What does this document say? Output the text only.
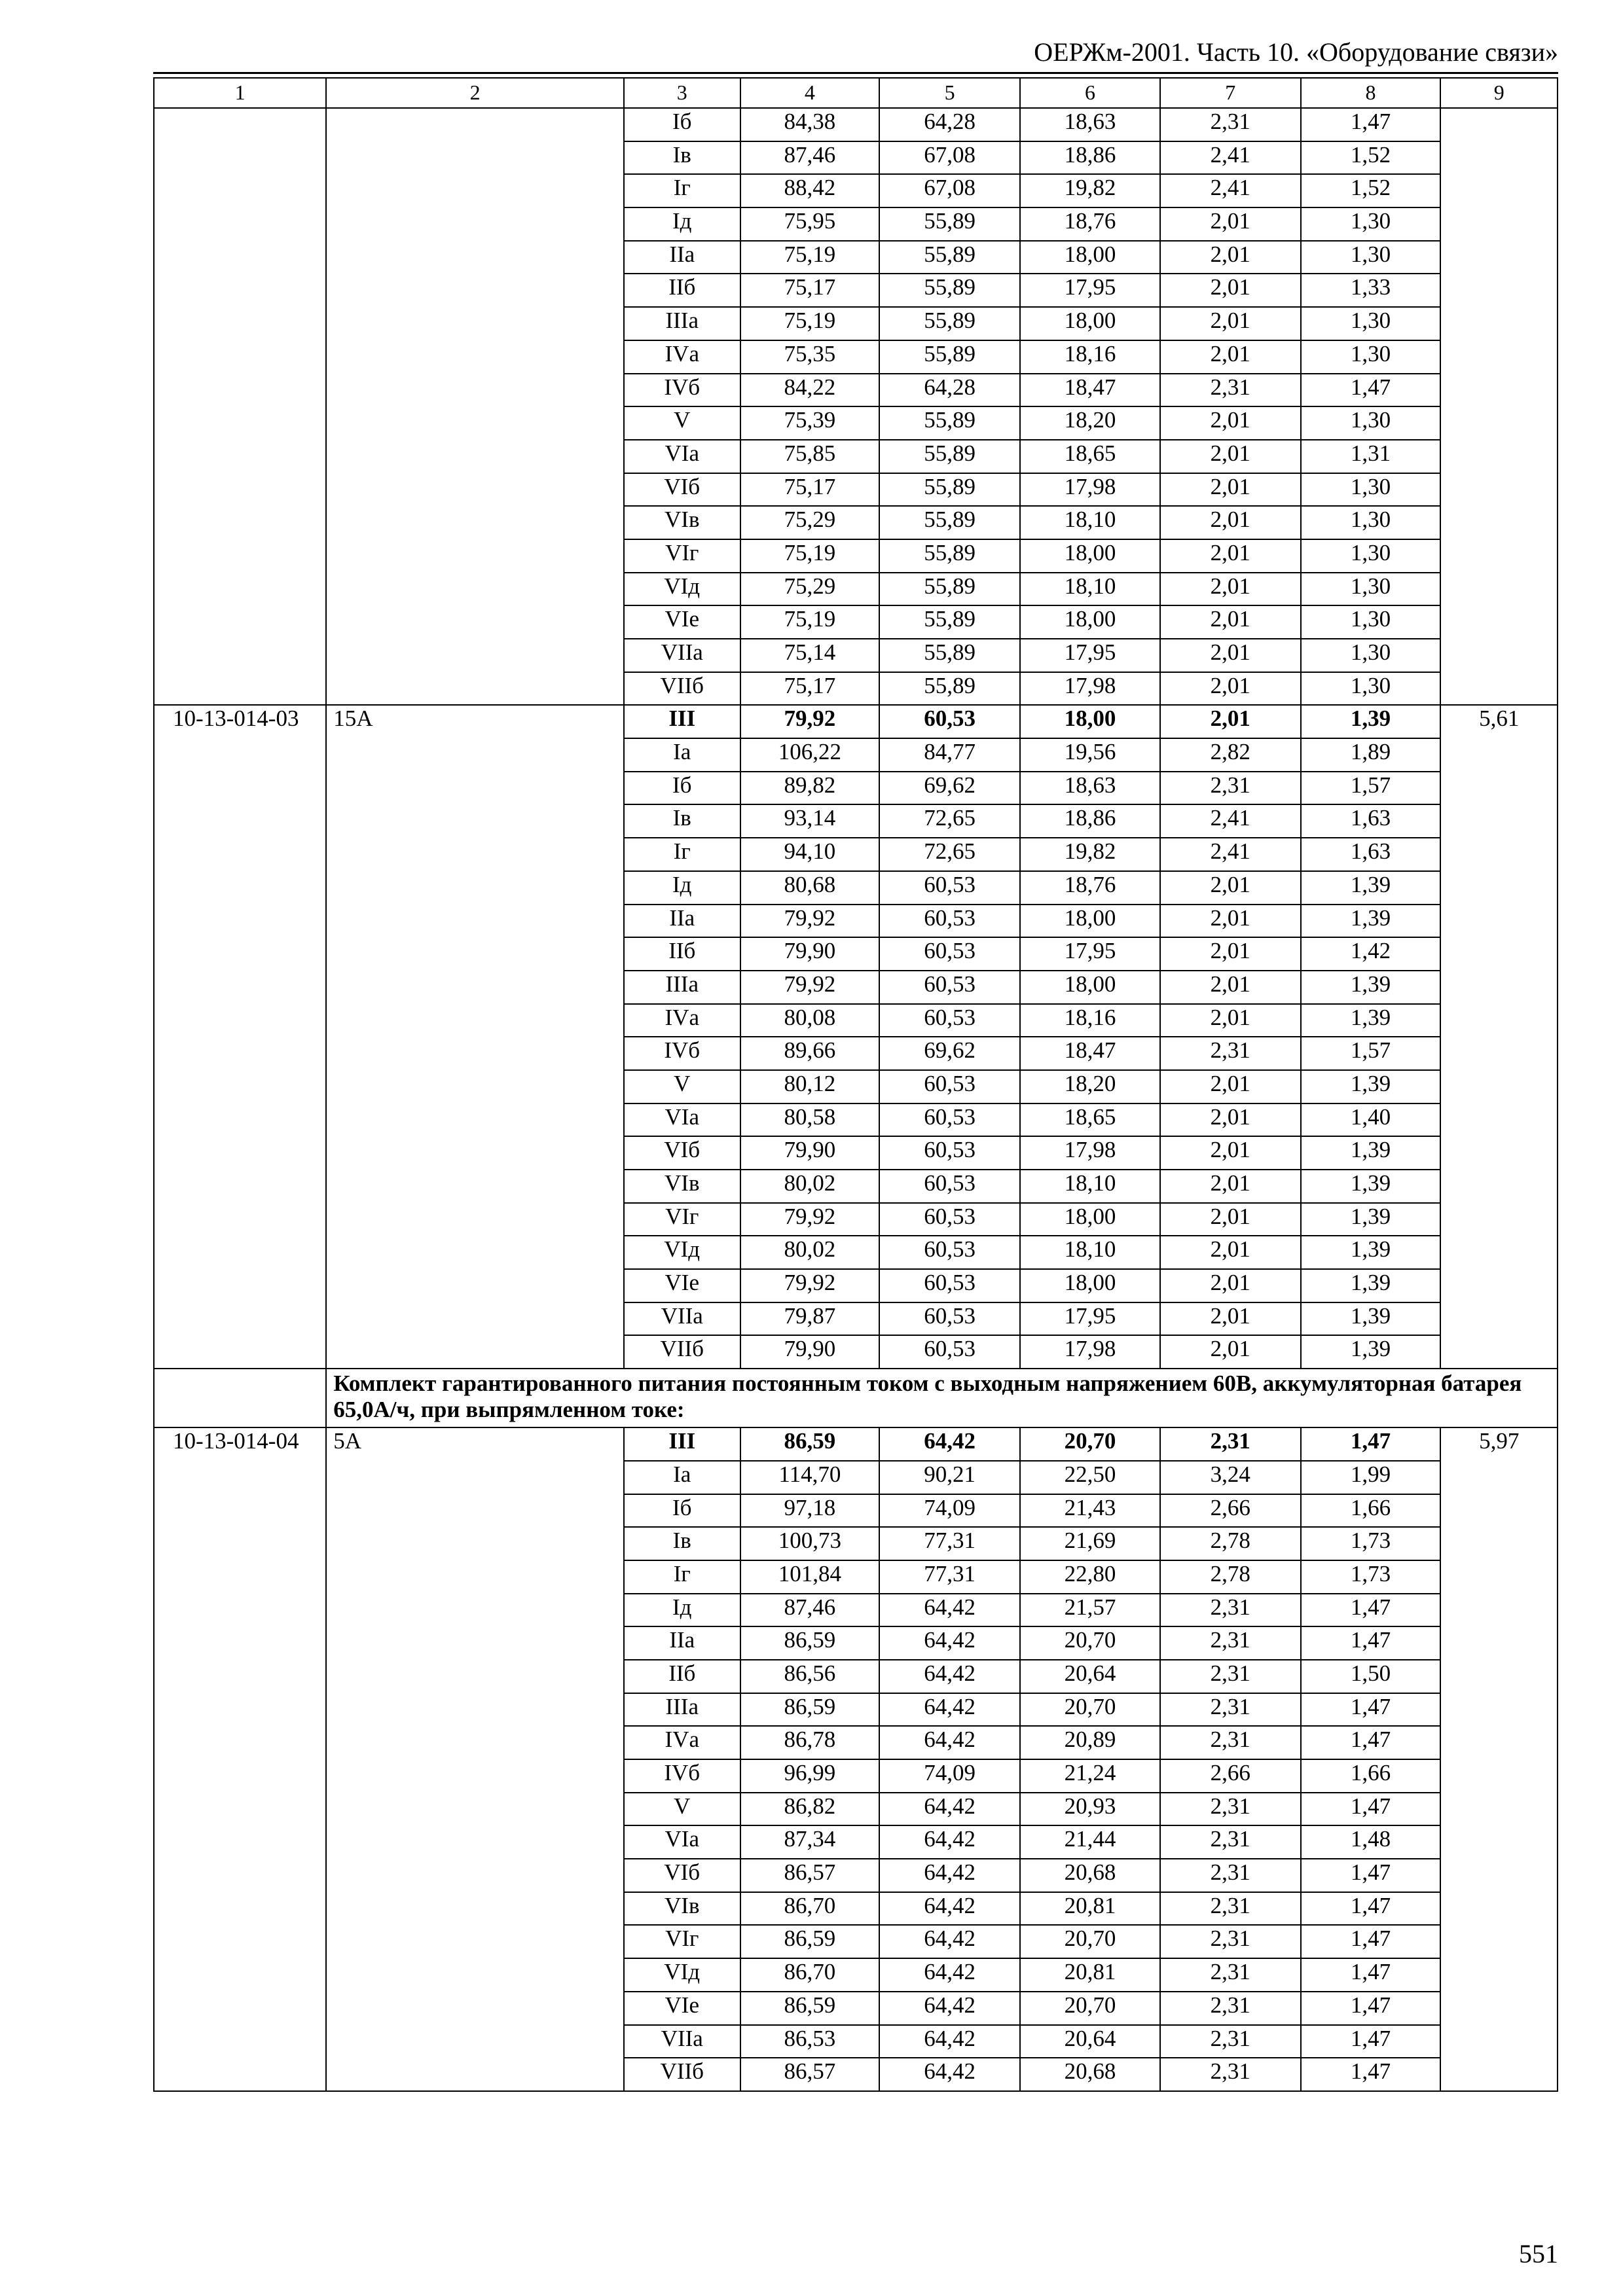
ОЕРЖм-2001. Часть 10. «Оборудование связи»
1	2	3	4	5	6	7	8	9
		Iб	84,38	64,28	18,63	2,31	1,47	
		Iв	87,46	67,08	18,86	2,41	1,52	
		Iг	88,42	67,08	19,82	2,41	1,52	
		Iд	75,95	55,89	18,76	2,01	1,30	
		IIа	75,19	55,89	18,00	2,01	1,30	
		IIб	75,17	55,89	17,95	2,01	1,33	
		IIIа	75,19	55,89	18,00	2,01	1,30	
		IVа	75,35	55,89	18,16	2,01	1,30	
		IVб	84,22	64,28	18,47	2,31	1,47	
		V	75,39	55,89	18,20	2,01	1,30	
		VIа	75,85	55,89	18,65	2,01	1,31	
		VIб	75,17	55,89	17,98	2,01	1,30	
		VIв	75,29	55,89	18,10	2,01	1,30	
		VIг	75,19	55,89	18,00	2,01	1,30	
		VIд	75,29	55,89	18,10	2,01	1,30	
		VIе	75,19	55,89	18,00	2,01	1,30	
		VIIа	75,14	55,89	17,95	2,01	1,30	
		VIIб	75,17	55,89	17,98	2,01	1,30	
10-13-014-03	15А	III	79,92	60,53	18,00	2,01	1,39	5,61
		Iа	106,22	84,77	19,56	2,82	1,89	
		Iб	89,82	69,62	18,63	2,31	1,57	
		Iв	93,14	72,65	18,86	2,41	1,63	
		Iг	94,10	72,65	19,82	2,41	1,63	
		Iд	80,68	60,53	18,76	2,01	1,39	
		IIа	79,92	60,53	18,00	2,01	1,39	
		IIб	79,90	60,53	17,95	2,01	1,42	
		IIIа	79,92	60,53	18,00	2,01	1,39	
		IVа	80,08	60,53	18,16	2,01	1,39	
		IVб	89,66	69,62	18,47	2,31	1,57	
		V	80,12	60,53	18,20	2,01	1,39	
		VIа	80,58	60,53	18,65	2,01	1,40	
		VIб	79,90	60,53	17,98	2,01	1,39	
		VIв	80,02	60,53	18,10	2,01	1,39	
		VIг	79,92	60,53	18,00	2,01	1,39	
		VIд	80,02	60,53	18,10	2,01	1,39	
		VIе	79,92	60,53	18,00	2,01	1,39	
		VIIа	79,87	60,53	17,95	2,01	1,39	
		VIIб	79,90	60,53	17,98	2,01	1,39	
	Комплект гарантированного питания постоянным током с выходным напряжением 60В, аккумуляторная батарея 65,0А/ч, при выпрямленном токе:							
10-13-014-04	5А	III	86,59	64,42	20,70	2,31	1,47	5,97
		Iа	114,70	90,21	22,50	3,24	1,99	
		Iб	97,18	74,09	21,43	2,66	1,66	
		Iв	100,73	77,31	21,69	2,78	1,73	
		Iг	101,84	77,31	22,80	2,78	1,73	
		Iд	87,46	64,42	21,57	2,31	1,47	
		IIа	86,59	64,42	20,70	2,31	1,47	
		IIб	86,56	64,42	20,64	2,31	1,50	
		IIIа	86,59	64,42	20,70	2,31	1,47	
		IVа	86,78	64,42	20,89	2,31	1,47	
		IVб	96,99	74,09	21,24	2,66	1,66	
		V	86,82	64,42	20,93	2,31	1,47	
		VIа	87,34	64,42	21,44	2,31	1,48	
		VIб	86,57	64,42	20,68	2,31	1,47	
		VIв	86,70	64,42	20,81	2,31	1,47	
		VIг	86,59	64,42	20,70	2,31	1,47	
		VIд	86,70	64,42	20,81	2,31	1,47	
		VIе	86,59	64,42	20,70	2,31	1,47	
		VIIа	86,53	64,42	20,64	2,31	1,47	
		VIIб	86,57	64,42	20,68	2,31	1,47	
551
